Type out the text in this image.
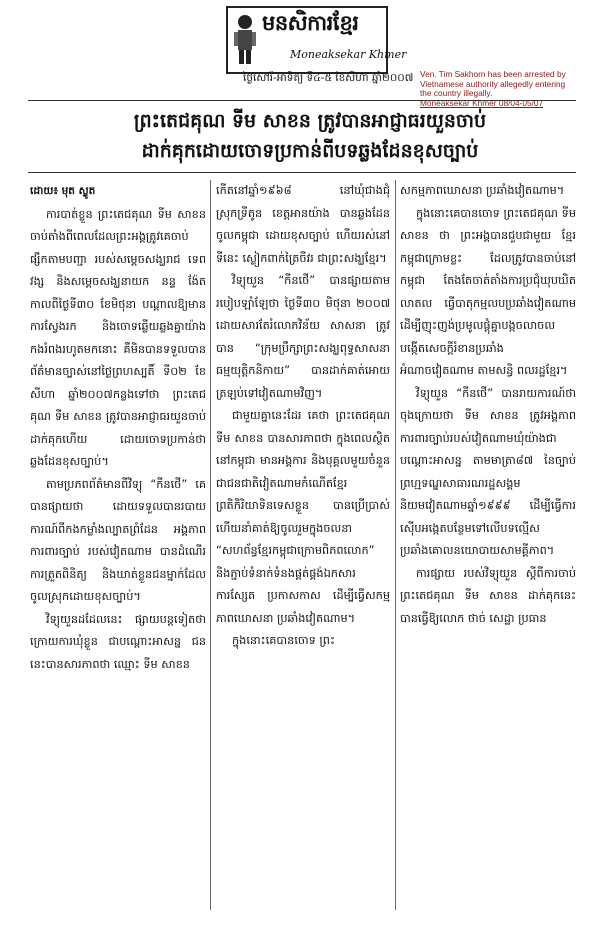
មនសិការខ្មែរ
Moneaksekar Khmer
ថ្ងៃសៅរ៍-អាទិត្យ ទី៤-៥ ខែសីហា ឆ្នាំ២០០៧ Ven. Tim Sakhorn has been arrested by
Vietnamese authority allegedly entering
the country illegally.
Moneaksekar Khmer 08/04-05/07
ព្រះតេជគុណ ទីម សាខន ត្រូវបានអាជ្ញាធរយួនចាប់
ដាក់គុកដោយចោទប្រកាន់ពីបទឆ្លងដែនខុសច្បាប់
ដោយ៖ មុត ស្លូត

ការបាត់ខ្លួន ព្រះតេជគុណ ទីម សាខន ចាប់តាំងពីពេលដែលព្រះអង្គត្រូវគេចាប់ផ្សឹកតាមបញ្ជា របស់សម្ដេចសង្ឃរាជ ទេព វង្ស និងសម្ដេចសង្ឃនាយក នន្ទ ង៉ែត កាលពីថ្ងៃទី៣០ ខែមិថុនា បណ្ដាលឱ្យមានការស្វែងរក និងចោទឆ្លើយឆ្លងគ្នាយ៉ាងកងរំពងរហូតមកនោះ គឺមិនបានទទួលបានព័ត៌មានច្បាស់នៅថ្ងៃព្រហស្បតិ៍ ទី០២ ខែសីហា ឆ្នាំ២០០៧កន្លងទៅថា ព្រះតេជគុណ ទីម សាខន ត្រូវបានអាជ្ញាធរយួនចាប់ដាក់គុកហើយ ដោយចោទប្រកាន់ថា ឆ្លងដែនខុសច្បាប់។

តាមប្រភពព័ត៌មានពីវិទ្យុ “កីនថើ” គេបានផ្សាយថា ដោយទទួលបានរបាយការណ៍ពីកងកម្លាំងល្បាតព្រំដែន អង្គភាពការពារច្បាប់ របស់វៀតណាម បានដំណើរការត្រួតពិនិត្យ និងឃាត់ខ្លួនជនម្នាក់ដែលចូលស្រុកដោយខុសច្បាប់។

វិទ្យុយួនដដែលនេះ ផ្សាយបន្តទៀតថា ក្រោយការឃុំខ្លួន ជាបណ្ដោះអាសន្ន ជននេះបានសារភាពថា ឈ្មោះ ទីម សាខន

កើតនៅឆ្នាំ១៩៦៨ នៅឃុំជាងជុំ ស្រុកទ្រីតូន ខេត្តអានយ៉ាង បានឆ្លងដែនចូលកម្ពុជា ដោយខុសច្បាប់ ហើយរស់នៅទីនេះ ស្លៀកពាក់ត្រៃចីវរ ជាព្រះសង្ឃខ្មែរ។

វិទ្យុយួន “កីនថើ” បានផ្សាយតាមរបៀបឡាំឡែថា ថ្ងៃទី៣០ មិថុនា ២០០៧ ដោយសារតែរំលោភវិន័យ សាសនា ត្រូវបាន “ក្រុមប្រឹក្សាព្រះសង្ឃពុទ្ធសាសនាធម្មយុត្តិកនិកាយ” បានដាក់គាត់អោយត្រឡប់ទៅវៀតណាមវិញ។

ជាមួយគ្នានេះដែរ គេថា ព្រះតេជគុណ ទីម សាខន បានសារភាពថា ក្នុងពេលស្ថិតនៅកម្ពុជា មានអង្គការ និងបុគ្គលមួយចំនួន ជាជនជាតិវៀតណាមកំណើតខ្មែរ ព្រតិកិរិយាទិនទេសខ្លួន បានប្រើប្រាស់ ហើយនាំគាត់ឱ្យចូលរួមក្នុងចលនា “សហព័ន្ធខ្មែរកម្ពុជាក្រោមពិភពលោក” និងភ្ជាប់ទំនាក់ទំនងផ្គត់ផ្គង់ឯកសារការស្សែត ប្រកាសកាស ដើម្បីធ្វើសកម្មភាពឃោសនា ប្រឆាំងវៀតណាម។

ក្នុងនោះគេបានចោទ ព្រះ

សកម្មភាពឃោសនា ប្រឆាំងវៀតណាម។

ក្នុងនោះគេបានចោទ ព្រះតេជគុណ ទីម សាខន ថា ព្រះអង្គបានជួបជាមួយ ខ្មែរកម្ពុជាក្រោមខ្លះ ដែលត្រូវបានចាប់នៅកម្ពុជា តែងតែចាត់តាំងការប្រជុំឃុបឃិតលាតល ធ្វើបាតុកម្មលបប្រឆាំងវៀតណាម ដើម្បីញុះញង់ប្រមូលផ្ដុំគ្នាបង្កចលាចល បង្កើតសេចក្ដីរំខានប្រឆាំងអំណាចវៀតណាម តាមសន្ធិ ពលរដ្ឋខ្មែរ។

វិទ្យុយួន “កីនថើ” បានរាយការណ៍ថា ចុងក្រោយថា ទីម សាខន ត្រូវអង្គភាពការពារច្បាប់របស់វៀតណាមឃុំយ៉ាងជាបណ្ដោះអាសន្ន តាមមាត្រា៨៧ នៃច្បាប់ព្រហ្មទណ្ឌសាធារណរដ្ឋសង្គមនិយមវៀតណាមឆ្នាំ១៩៩៩ ដើម្បីធ្វើការស៊ើបអង្កេតបន្ថែមទៅលើបទល្មើសប្រឆាំងគោលនយោបាយសាមគ្គីភាព។

ការផ្សាយ របស់វិទ្យុយួន ស្តីពីការចាប់ព្រះតេជគុណ ទីម សាខន ដាក់គុកនេះ បានធ្វើឱ្យលោក ថាច់ សេដ្ឋា ប្រធាន
